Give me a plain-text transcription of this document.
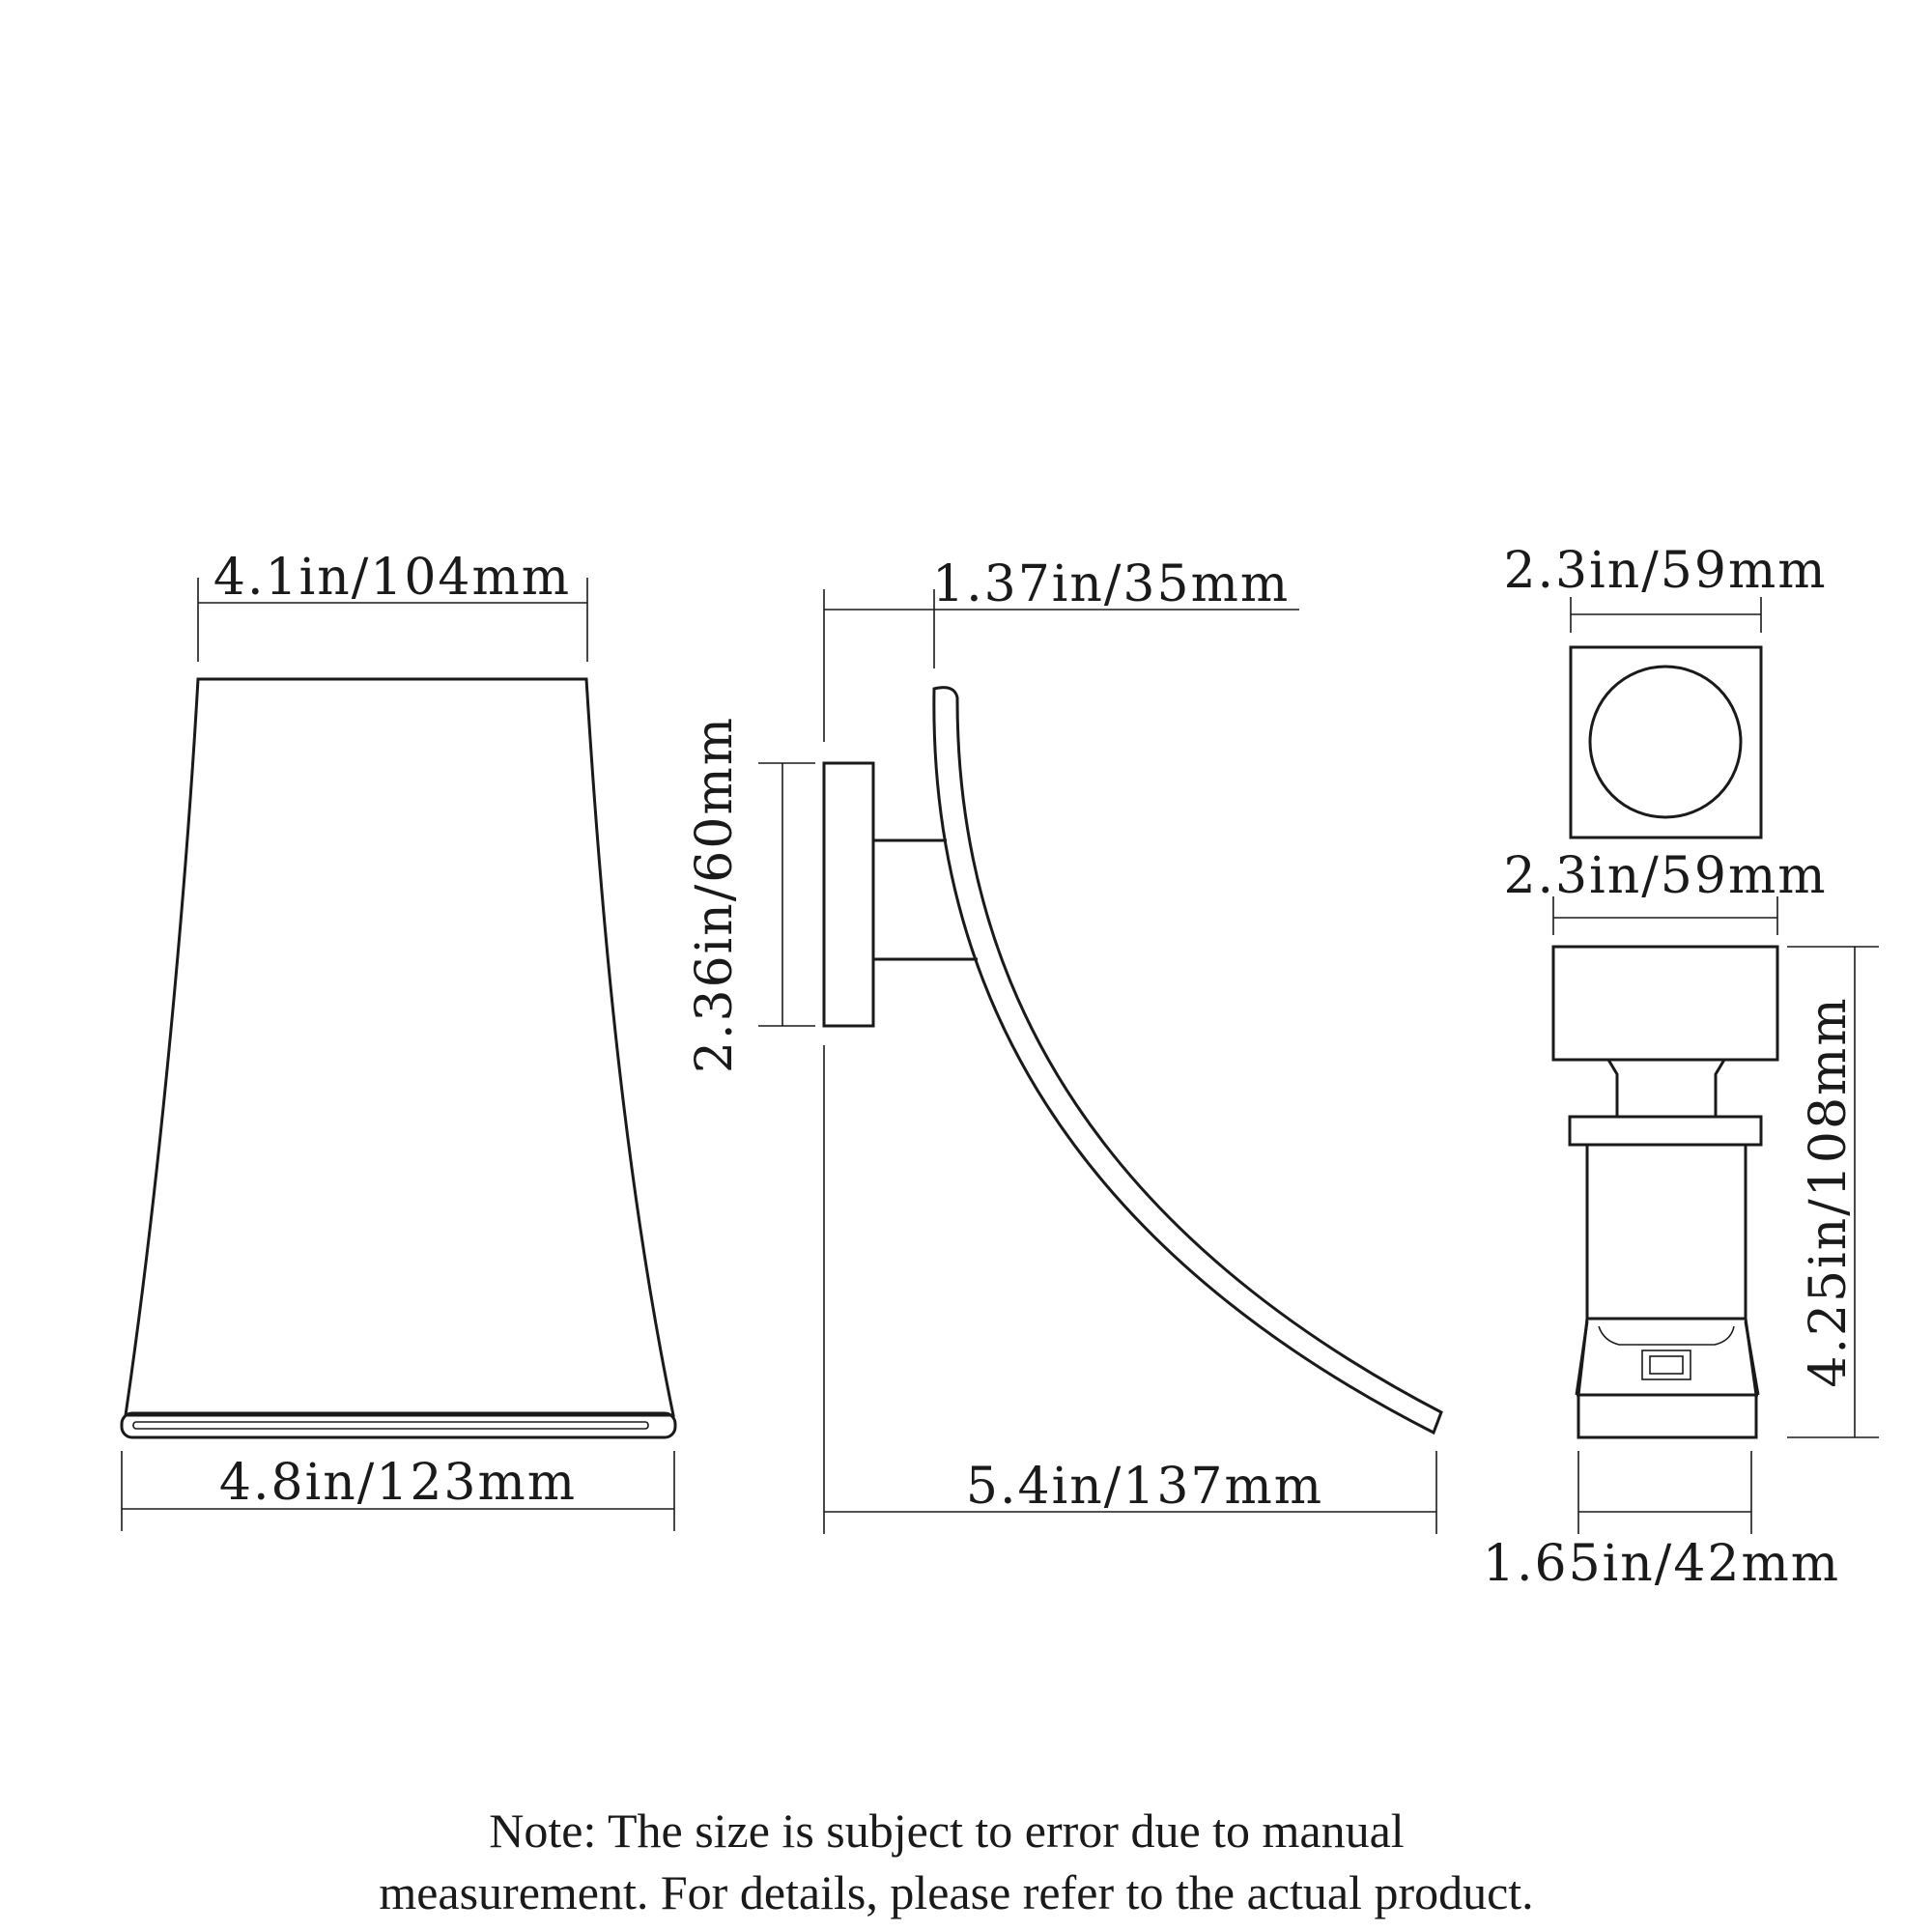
4.1in/104mm
4.8in/123mm
1.37in/35mm
2.36in/60mm
5.4in/137mm
2.3in/59mm
2.3in/59mm
4.25in/108mm
1.65in/42mm
Note: The size is subject to error due to manual
measurement. For details, please refer to the actual product.
